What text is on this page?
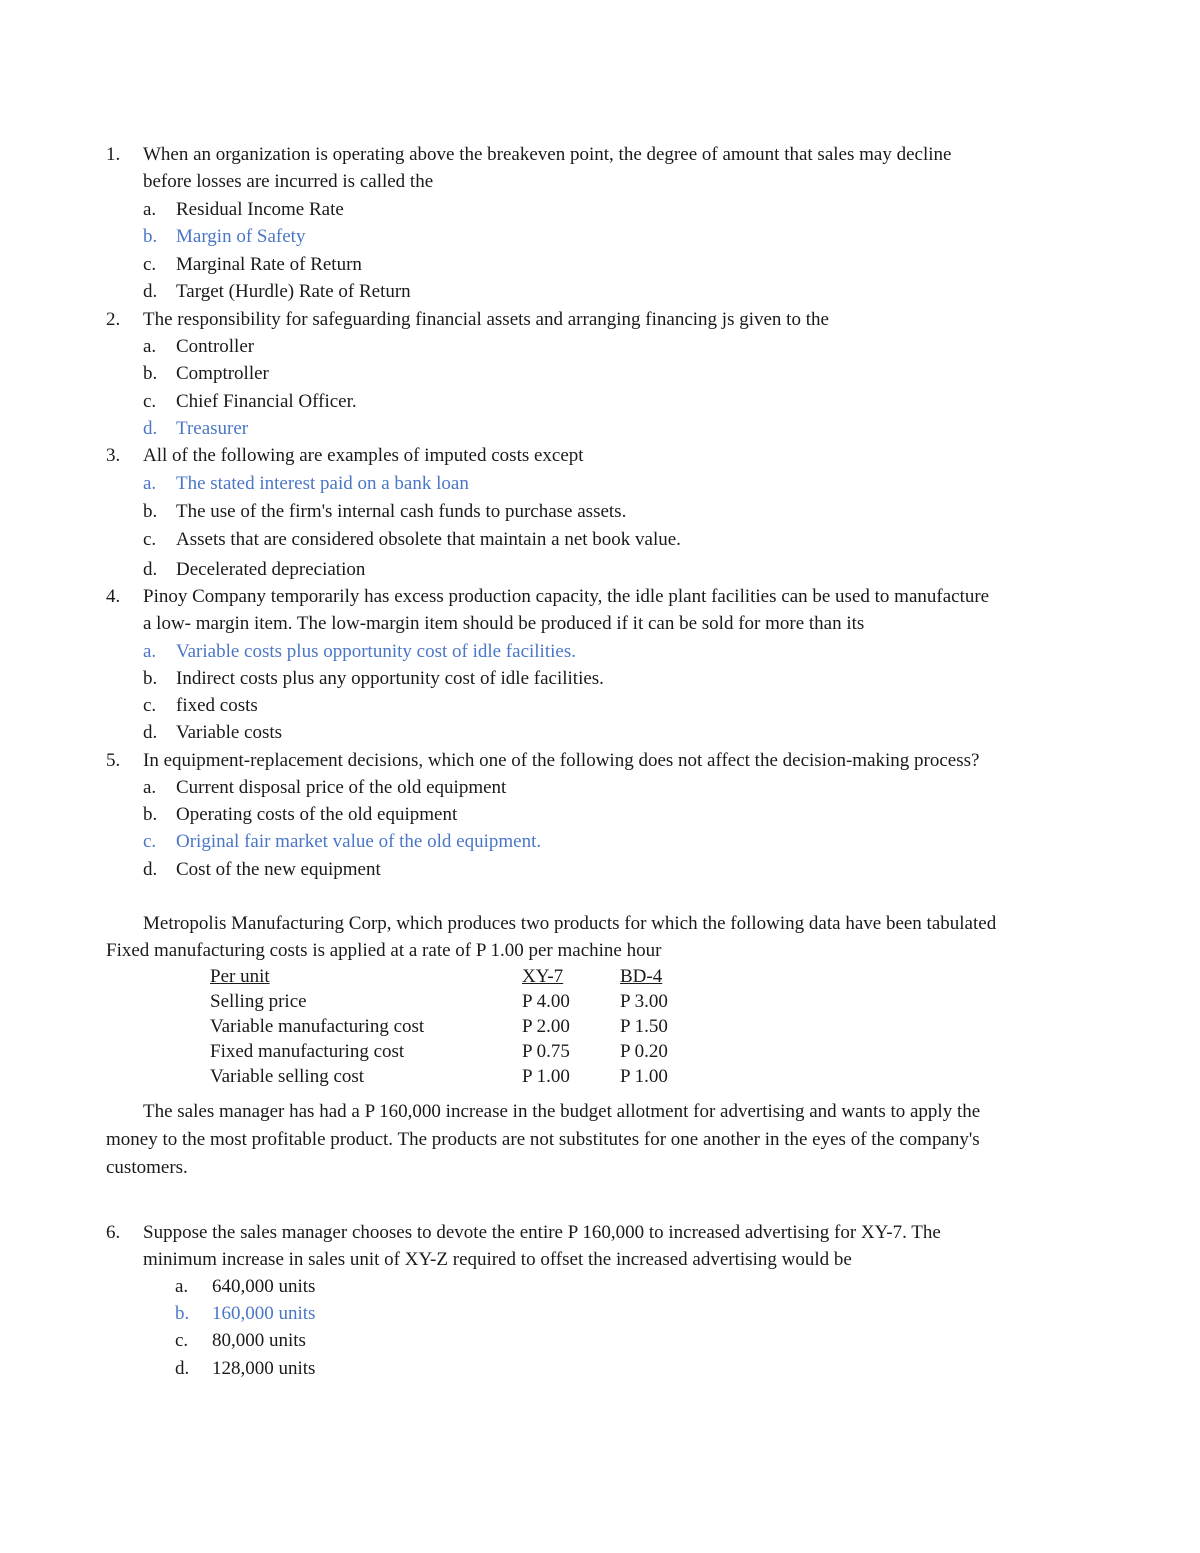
1. When an organization is operating above the breakeven point, the degree of amount that sales may decline
before losses are incurred is called the
a. Residual Income Rate
b. Margin of Safety
c. Marginal Rate of Return
d. Target (Hurdle) Rate of Return
2. The responsibility for safeguarding financial assets and arranging financing js given to the
a. Controller
b. Comptroller
c. Chief Financial Officer.
d. Treasurer
3. All of the following are examples of imputed costs except
a. The stated interest paid on a bank loan
b. The use of the firm's internal cash funds to purchase assets.
c. Assets that are considered obsolete that maintain a net book value.
d. Decelerated depreciation
4. Pinoy Company temporarily has excess production capacity, the idle plant facilities can be used to manufacture
a low- margin item. The low-margin item should be produced if it can be sold for more than its
a. Variable costs plus opportunity cost of idle facilities.
b. Indirect costs plus any opportunity cost of idle facilities.
c. fixed costs
d. Variable costs
5. In equipment-replacement decisions, which one of the following does not affect the decision-making process?
a. Current disposal price of the old equipment
b. Operating costs of the old equipment
c. Original fair market value of the old equipment.
d. Cost of the new equipment
Metropolis Manufacturing Corp, which produces two products for which the following data have been tabulated
Fixed manufacturing costs is applied at a rate of P 1.00 per machine hour
Per unit	XY-7	BD-4
Selling price	P 4.00	P 3.00
Variable manufacturing cost	P 2.00	P 1.50
Fixed manufacturing cost	P 0.75	P 0.20
Variable selling cost	P 1.00	P 1.00
The sales manager has had a P 160,000 increase in the budget allotment for advertising and wants to apply the
money to the most profitable product. The products are not substitutes for one another in the eyes of the company's
customers.
6. Suppose the sales manager chooses to devote the entire P 160,000 to increased advertising for XY-7. The
minimum increase in sales unit of XY-Z required to offset the increased advertising would be
a. 640,000 units
b. 160,000 units
c. 80,000 units
d. 128,000 units
